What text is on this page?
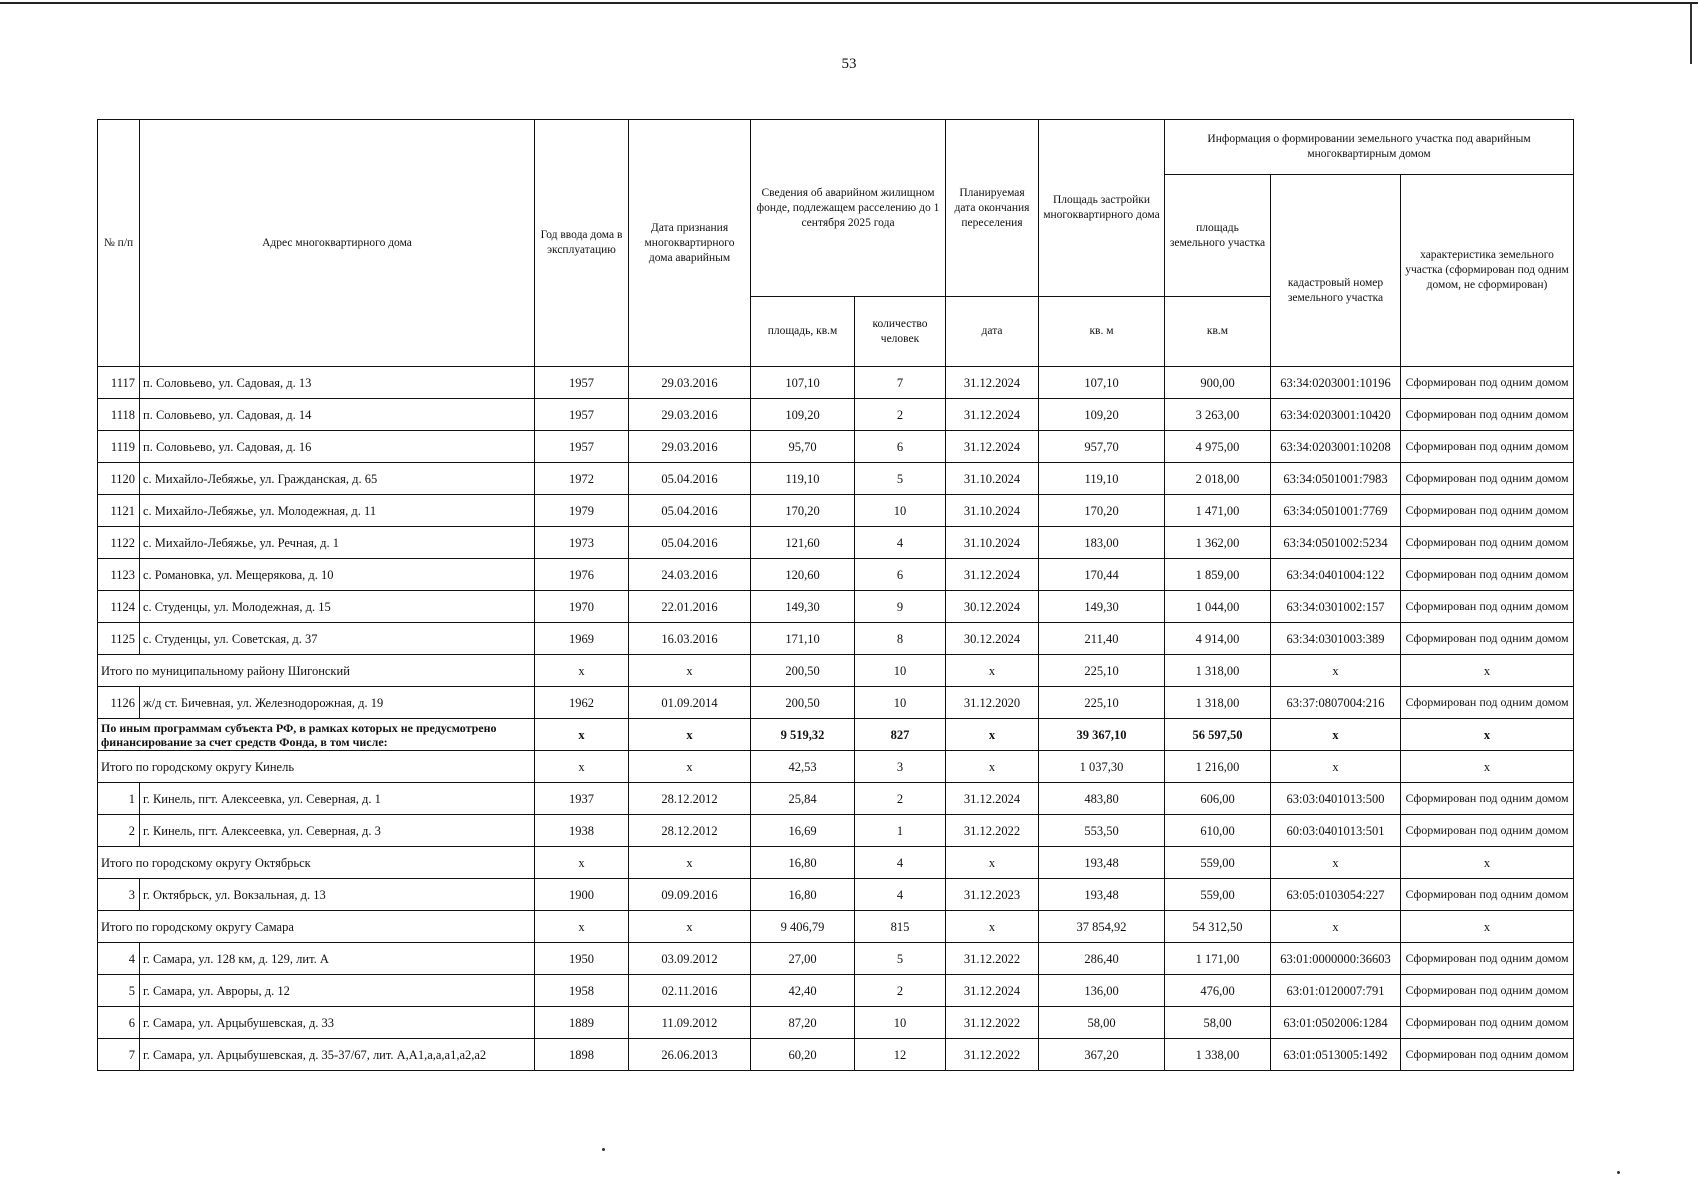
53
№ п/п	Адрес многоквартирного дома	Год ввода дома в эксплуатацию	Дата признания многоквартирного дома аварийным	Сведения об аварийном жилищном фонде, подлежащем расселению до 1 сентября 2025 года		Планируемая дата окончания переселения	Площадь застройки многоквартирного дома	Информация о формировании земельного участка под аварийным многоквартирным домом		
								площадь земельного участка	кадастровый номер земельного участка	характеристика земельного участка (сформирован под одним домом, не сформирован)
				площадь, кв.м	количество человек	дата	кв. м	кв.м		
1117	п. Соловьево, ул. Садовая, д. 13	1957	29.03.2016	107,10	7	31.12.2024	107,10	900,00	63:34:0203001:10196	Сформирован под одним домом
1118	п. Соловьево, ул. Садовая, д. 14	1957	29.03.2016	109,20	2	31.12.2024	109,20	3 263,00	63:34:0203001:10420	Сформирован под одним домом
1119	п. Соловьево, ул. Садовая, д. 16	1957	29.03.2016	95,70	6	31.12.2024	957,70	4 975,00	63:34:0203001:10208	Сформирован под одним домом
1120	с. Михайло-Лебяжье, ул. Гражданская, д. 65	1972	05.04.2016	119,10	5	31.10.2024	119,10	2 018,00	63:34:0501001:7983	Сформирован под одним домом
1121	с. Михайло-Лебяжье, ул. Молодежная, д. 11	1979	05.04.2016	170,20	10	31.10.2024	170,20	1 471,00	63:34:0501001:7769	Сформирован под одним домом
1122	с. Михайло-Лебяжье, ул. Речная, д. 1	1973	05.04.2016	121,60	4	31.10.2024	183,00	1 362,00	63:34:0501002:5234	Сформирован под одним домом
1123	с. Романовка, ул. Мещерякова, д. 10	1976	24.03.2016	120,60	6	31.12.2024	170,44	1 859,00	63:34:0401004:122	Сформирован под одним домом
1124	с. Студенцы, ул. Молодежная, д. 15	1970	22.01.2016	149,30	9	30.12.2024	149,30	1 044,00	63:34:0301002:157	Сформирован под одним домом
1125	с. Студенцы, ул. Советская, д. 37	1969	16.03.2016	171,10	8	30.12.2024	211,40	4 914,00	63:34:0301003:389	Сформирован под одним домом
Итого по муниципальному району Шигонский		x	x	200,50	10	x	225,10	1 318,00	x	x
1126	ж/д ст. Бичевная, ул. Железнодорожная, д. 19	1962	01.09.2014	200,50	10	31.12.2020	225,10	1 318,00	63:37:0807004:216	Сформирован под одним домом
По иным программам субъекта РФ, в рамках которых не предусмотрено финансирование за счет средств Фонда, в том числе:		x	x	9 519,32	827	x	39 367,10	56 597,50	x	x
Итого по городскому округу Кинель		x	x	42,53	3	x	1 037,30	1 216,00	x	x
1	г. Кинель, пгт. Алексеевка, ул. Северная, д. 1	1937	28.12.2012	25,84	2	31.12.2024	483,80	606,00	63:03:0401013:500	Сформирован под одним домом
2	г. Кинель, пгт. Алексеевка, ул. Северная, д. 3	1938	28.12.2012	16,69	1	31.12.2022	553,50	610,00	60:03:0401013:501	Сформирован под одним домом
Итого по городскому округу Октябрьск		x	x	16,80	4	x	193,48	559,00	x	x
3	г. Октябрьск, ул. Вокзальная, д. 13	1900	09.09.2016	16,80	4	31.12.2023	193,48	559,00	63:05:0103054:227	Сформирован под одним домом
Итого по городскому округу Самара		x	x	9 406,79	815	x	37 854,92	54 312,50	x	x
4	г. Самара, ул. 128 км, д. 129, лит. А	1950	03.09.2012	27,00	5	31.12.2022	286,40	1 171,00	63:01:0000000:36603	Сформирован под одним домом
5	г. Самара, ул. Авроры, д. 12	1958	02.11.2016	42,40	2	31.12.2024	136,00	476,00	63:01:0120007:791	Сформирован под одним домом
6	г. Самара, ул. Арцыбушевская, д. 33	1889	11.09.2012	87,20	10	31.12.2022	58,00	58,00	63:01:0502006:1284	Сформирован под одним домом
7	г. Самара, ул. Арцыбушевская, д. 35-37/67, лит. А,А1,а,а,а1,а2,а2	1898	26.06.2013	60,20	12	31.12.2022	367,20	1 338,00	63:01:0513005:1492	Сформирован под одним домом
